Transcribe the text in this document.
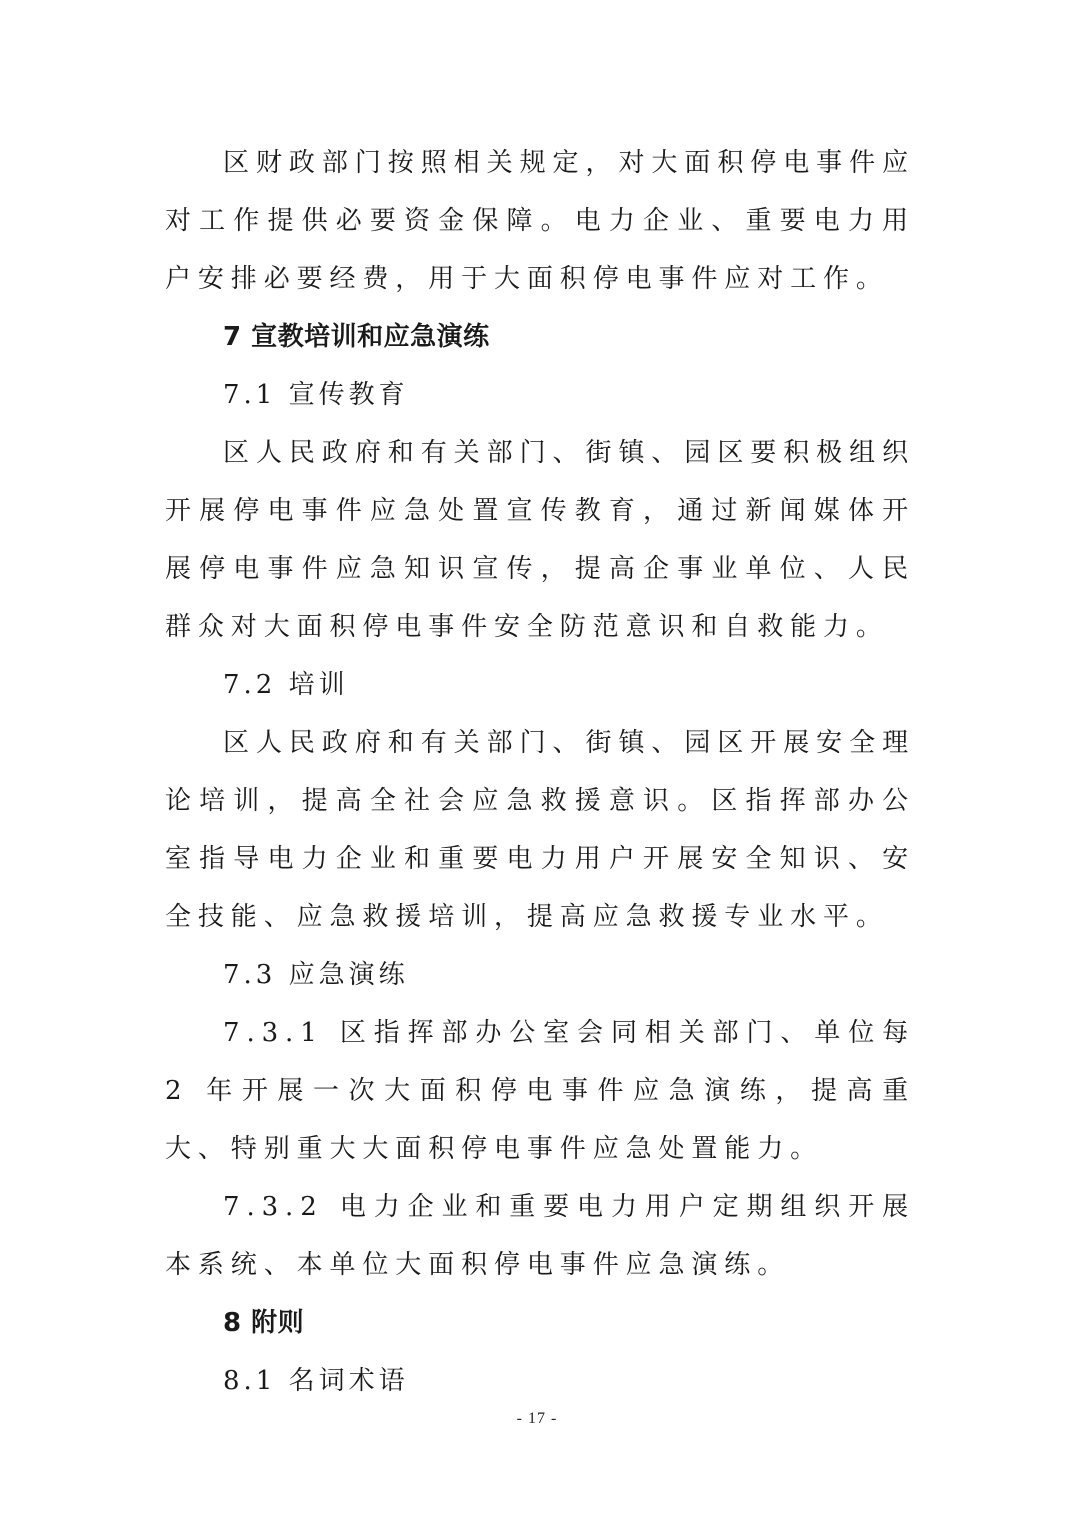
区财政部门按照相关规定，对大面积停电事件应对工作提供必要资金保障。电力企业、重要电力用户安排必要经费，用于大面积停电事件应对工作。

7 宣教培训和应急演练

7.1 宣传教育

区人民政府和有关部门、街镇、园区要积极组织开展停电事件应急处置宣传教育，通过新闻媒体开展停电事件应急知识宣传，提高企事业单位、人民群众对大面积停电事件安全防范意识和自救能力。

7.2 培训

区人民政府和有关部门、街镇、园区开展安全理论培训，提高全社会应急救援意识。区指挥部办公室指导电力企业和重要电力用户开展安全知识、安全技能、应急救援培训，提高应急救援专业水平。

7.3 应急演练

7.3.1 区指挥部办公室会同相关部门、单位每 2 年开展一次大面积停电事件应急演练，提高重大、特别重大大面积停电事件应急处置能力。

7.3.2 电力企业和重要电力用户定期组织开展本系统、本单位大面积停电事件应急演练。

8 附则

8.1 名词术语

- 17 -
